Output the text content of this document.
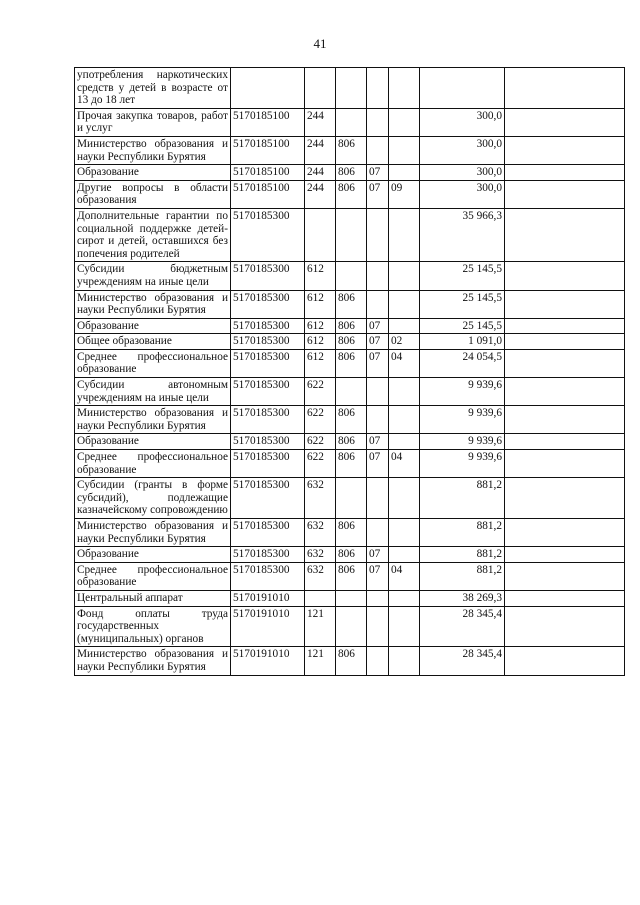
41
употребления наркотических средств у детей в возрасте от 13 до 18 лет							
Прочая закупка товаров, работ и услуг	5170185100	244				300,0	
Министерство образования и науки Республики Бурятия	5170185100	244	806			300,0	
Образование	5170185100	244	806	07		300,0	
Другие вопросы в области образования	5170185100	244	806	07	09	300,0	
Дополнительные гарантии по социальной поддержке детей-сирот и детей, оставшихся без попечения родителей	5170185300					35 966,3	
Субсидии бюджетным учреждениям на иные цели	5170185300	612				25 145,5	
Министерство образования и науки Республики Бурятия	5170185300	612	806			25 145,5	
Образование	5170185300	612	806	07		25 145,5	
Общее образование	5170185300	612	806	07	02	1 091,0	
Среднее профессиональное образование	5170185300	612	806	07	04	24 054,5	
Субсидии автономным учреждениям на иные цели	5170185300	622				9 939,6	
Министерство образования и науки Республики Бурятия	5170185300	622	806			9 939,6	
Образование	5170185300	622	806	07		9 939,6	
Среднее профессиональное образование	5170185300	622	806	07	04	9 939,6	
Субсидии (гранты в форме субсидий), подлежащие казначейскому сопровождению	5170185300	632				881,2	
Министерство образования и науки Республики Бурятия	5170185300	632	806			881,2	
Образование	5170185300	632	806	07		881,2	
Среднее профессиональное образование	5170185300	632	806	07	04	881,2	
Центральный аппарат	5170191010					38 269,3	
Фонд оплаты труда государственных (муниципальных) органов	5170191010	121				28 345,4	
Министерство образования и науки Республики Бурятия	5170191010	121	806			28 345,4	
